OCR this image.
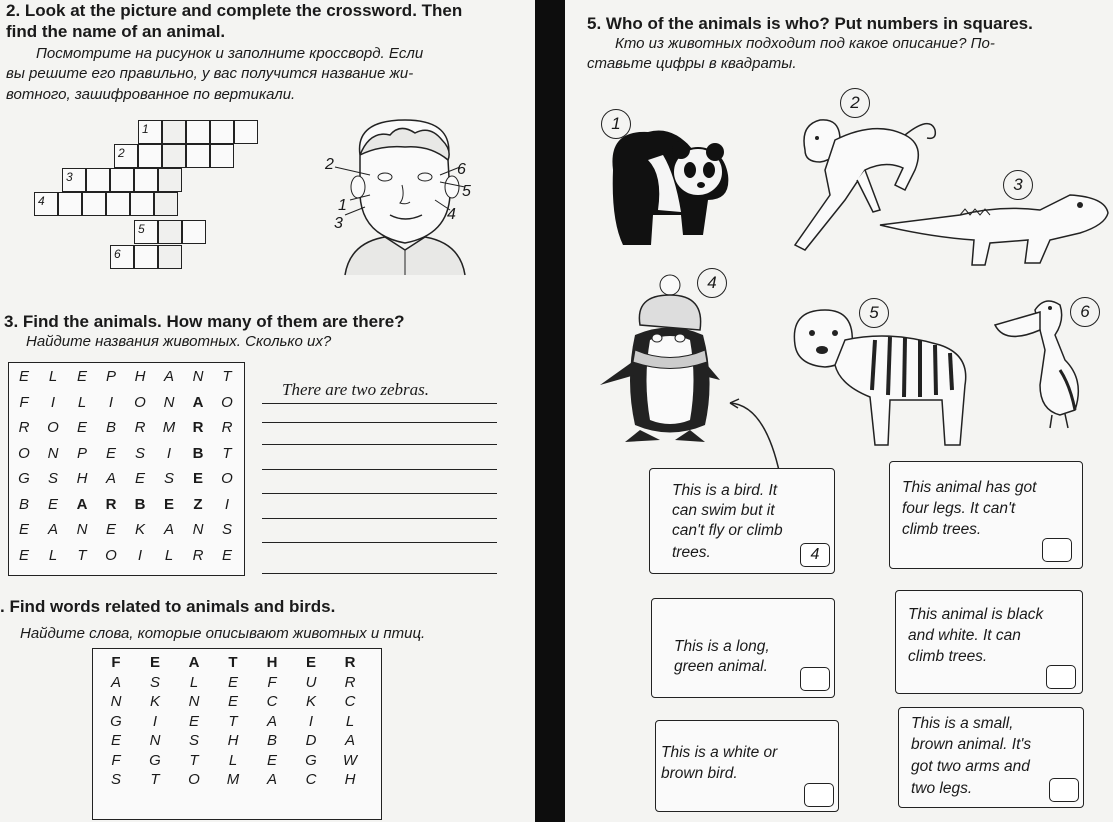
2. Look at the picture and complete the crossword. Then
find the name of an animal.
Посмотрите на рисунок и заполните кроссворд. Если
вы решите его правильно, у вас получится название жи-
вотного, зашифрованное по вертикали.
1
2
3
4
5
6
2	6
5
1
4
3
3. Find the animals. How many of them are there?
Найдите названия животных. Сколько их?
E	L	E	P	H	A	N	T
F	I	L	I	O	N	A	O
R	O	E	B	R	M	R	R
O	N	P	E	S	I	B	T
G	S	H	A	E	S	E	O
B	E	A	R	B	E	Z	I
E	A	N	E	K	A	N	S
E	L	T	O	I	L	R	E
There are two zebras.
. Find words related to animals and birds.
Найдите слова, которые описывают животных и птиц.
F	E	A	T	H	E	R
A	S	L	E	F	U	R
N	K	N	E	C	K	C
G	I	E	T	A	I	L
E	N	S	H	B	D	A
F	G	T	L	E	G	W
S	T	O	M	A	C	H
5. Who of the animals is who? Put numbers in squares.
Кто из животных подходит под какое описание? По-
ставьте цифры в квадраты.
1
2
3
4
5	6
This is a bird. It
can swim but it
can't fly or climb
trees.	4
This animal has got
four legs. It can't
climb trees.
This is a long,
green animal.
This animal is black
and white. It can
climb trees.
This is a white or
brown bird.
This is a small,
brown animal. It's
got two arms and
two legs.
